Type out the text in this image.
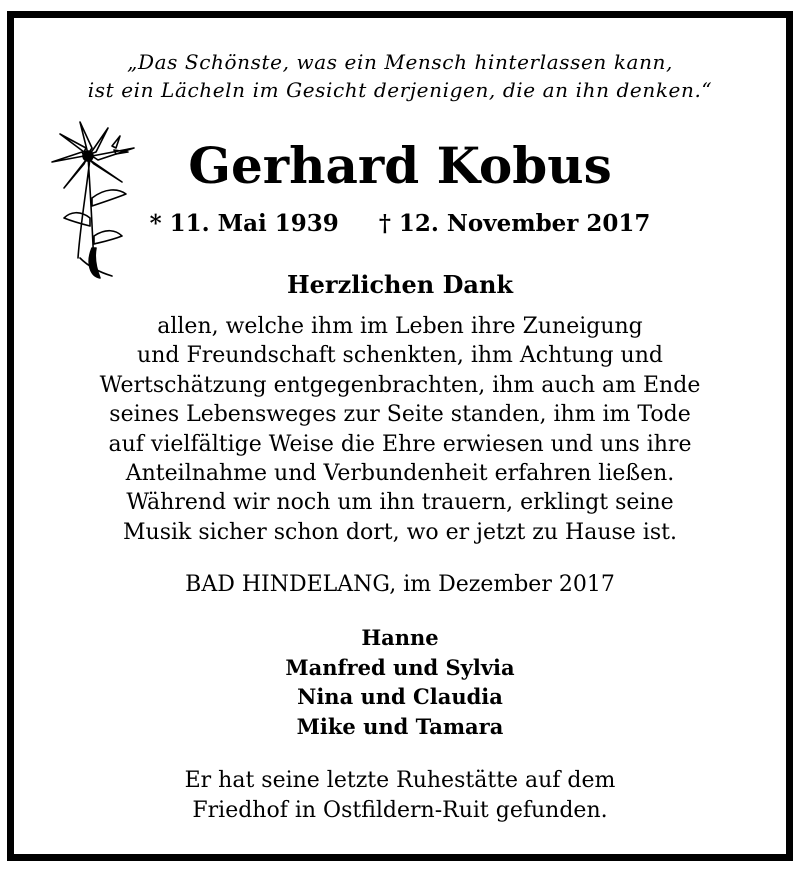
„Das Schönste, was ein Mensch hinterlassen kann,
ist ein Lächeln im Gesicht derjenigen, die an ihn denken.“
Gerhard Kobus
* 11. Mai 1939 † 12. November 2017
Herzlichen Dank
allen, welche ihm im Leben ihre Zuneigung
und Freundschaft schenkten, ihm Achtung und
Wertschätzung entgegenbrachten, ihm auch am Ende
seines Lebensweges zur Seite standen, ihm im Tode
auf vielfältige Weise die Ehre erwiesen und uns ihre
Anteilnahme und Verbundenheit erfahren ließen.
Während wir noch um ihn trauern, erklingt seine
Musik sicher schon dort, wo er jetzt zu Hause ist.
BAD HINDELANG, im Dezember 2017
Hanne
Manfred und Sylvia
Nina und Claudia
Mike und Tamara
Er hat seine letzte Ruhestätte auf dem
Friedhof in Ostfildern-Ruit gefunden.
